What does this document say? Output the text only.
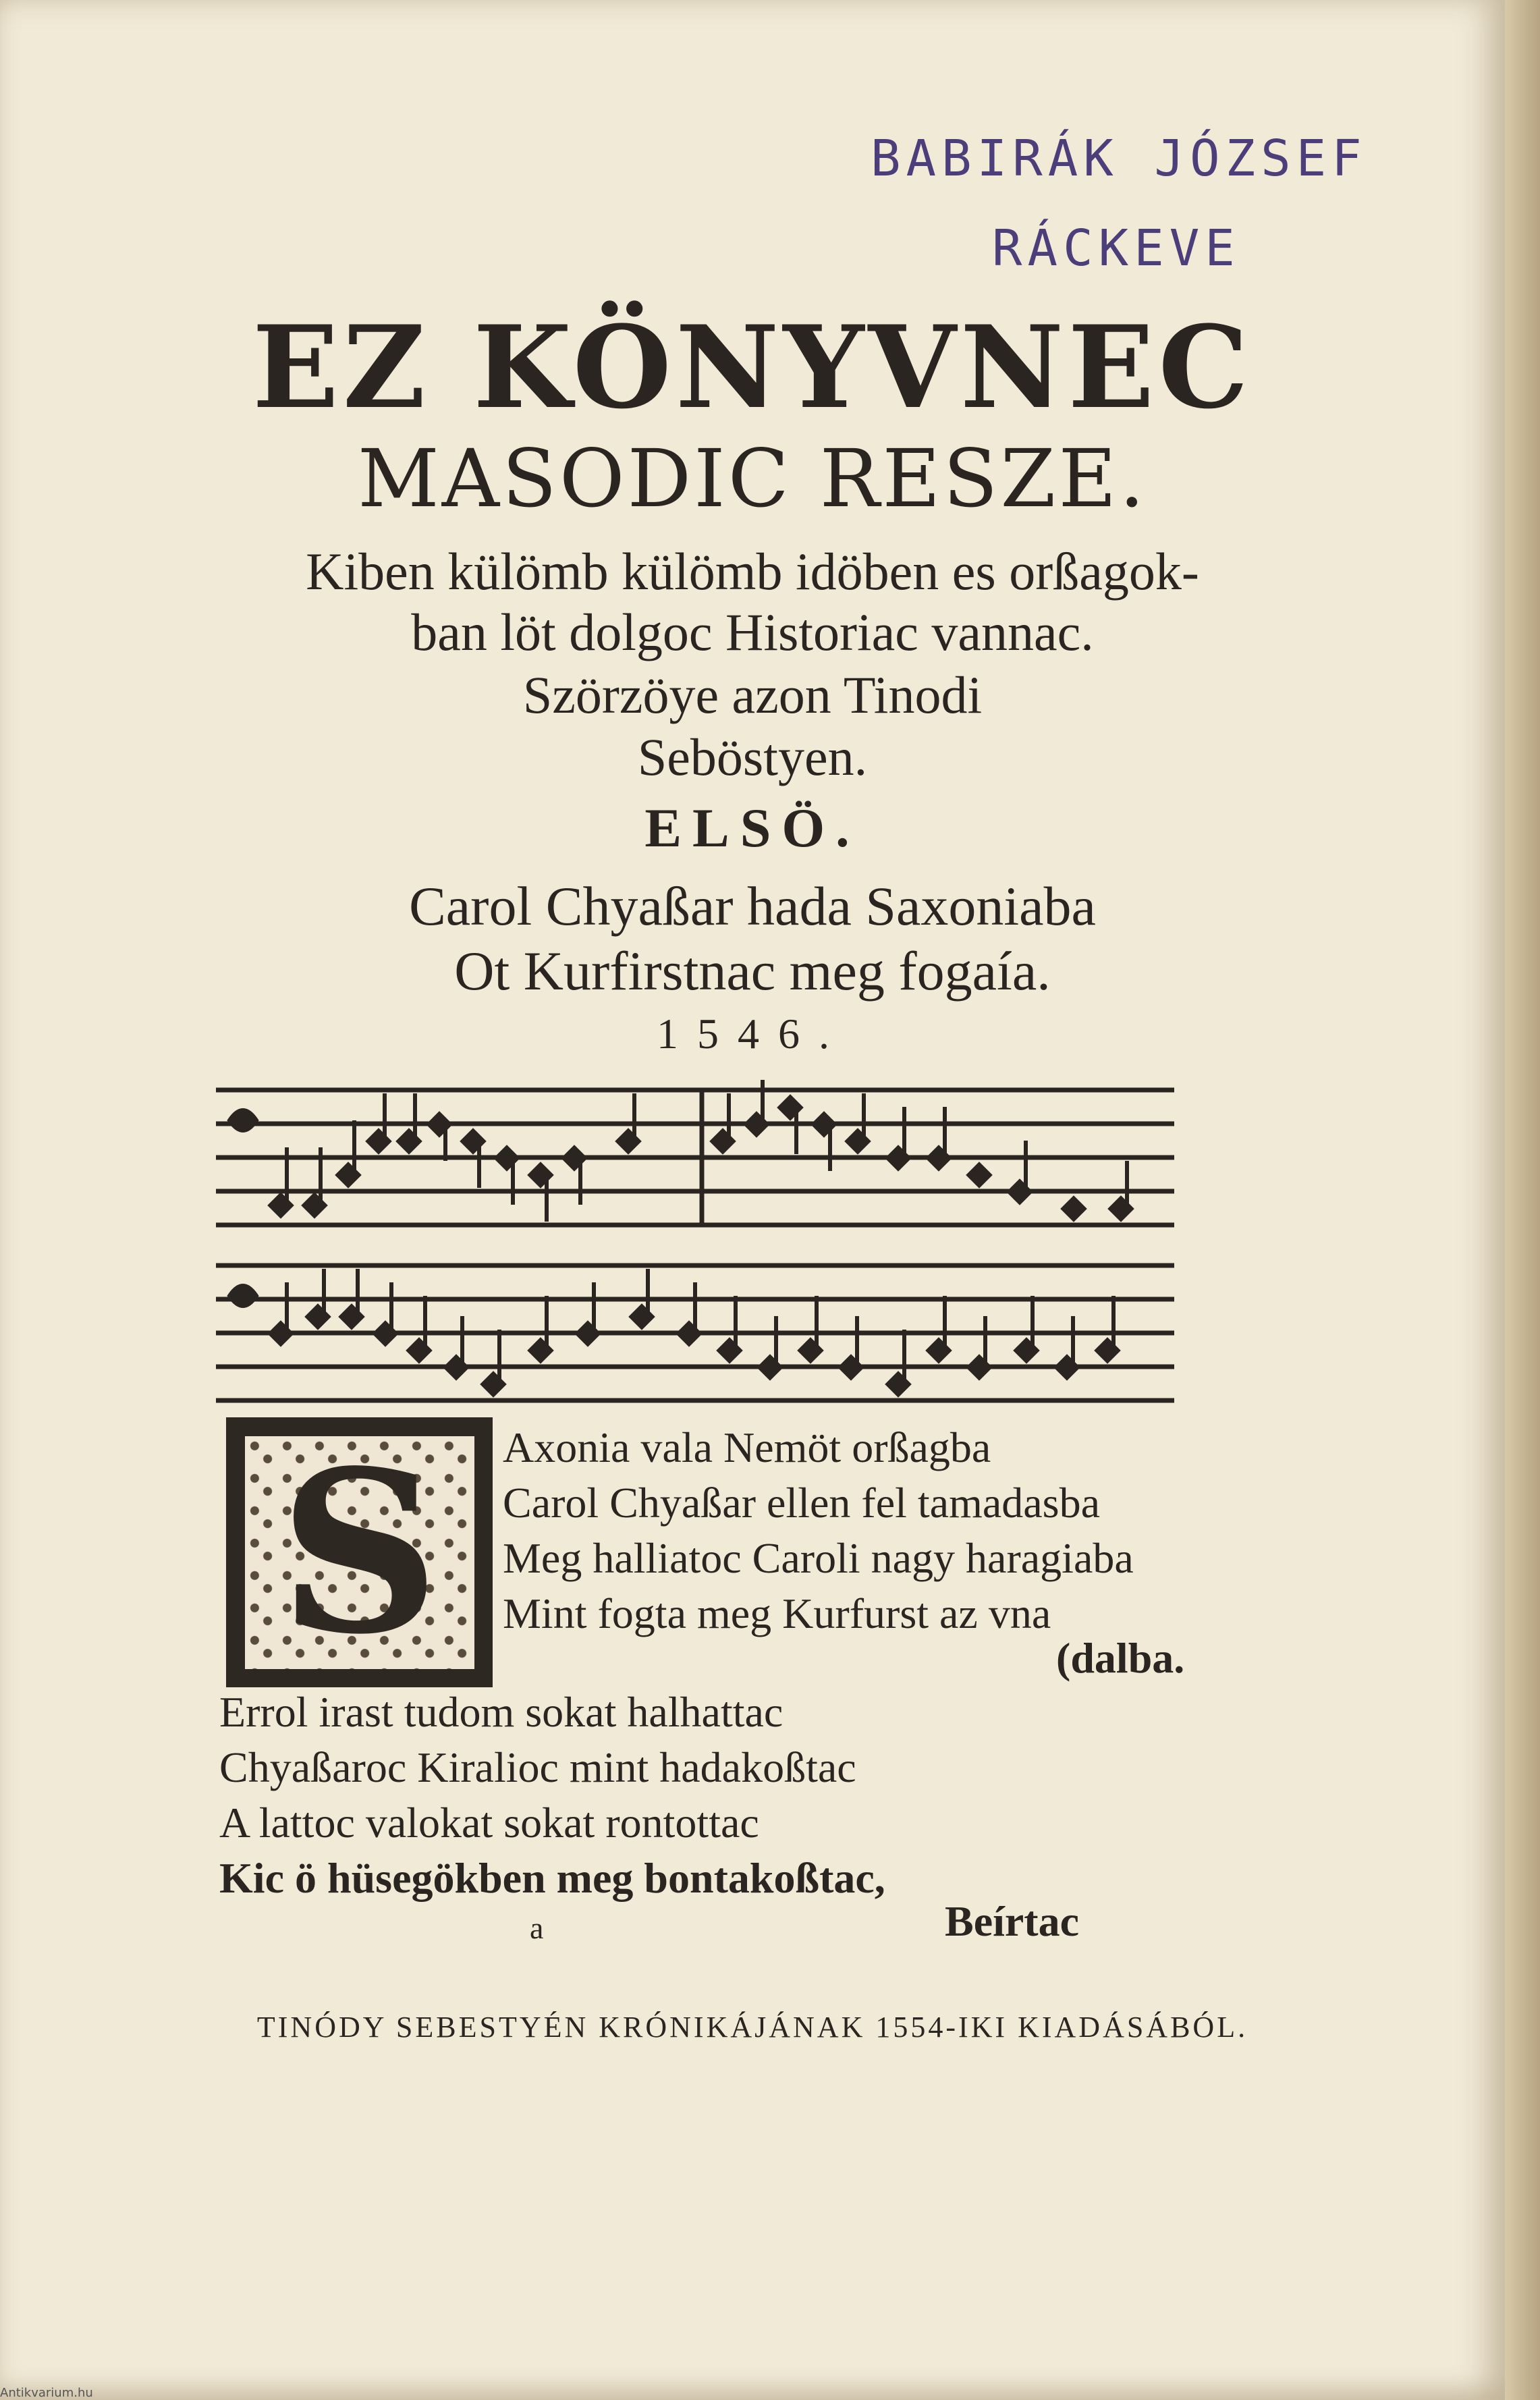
BABIRÁK JÓZSEF
RÁCKEVE
EZ KÖNYVNEC
MASODIC RESZE.
Kiben külömb külömb idöben es orßagok-
ban löt dolgoc Historiac vannac.
Szörzöye azon Tinodi
Seböstyen.
ELSÖ.
Carol Chyaßar hada Saxoniaba
Ot Kurfirstnac meg fogaía.
1546.
S Axonia vala Nemöt orßagba
Carol Chyaßar ellen fel tamadasba
Meg halliatoc Caroli nagy haragiaba
Mint fogta meg Kurfurst az vna
(dalba.
Errol irast tudom sokat halhattac
Chyaßaroc Kiralioc mint hadakoßtac
A lattoc valokat sokat rontottac
Kic ö hüsegökben meg bontakoßtac,
a	Beírtac
TINÓDY SEBESTYÉN KRÓNIKÁJÁNAK 1554-IKI KIADÁSÁBÓL.
Antikvarium.hu
